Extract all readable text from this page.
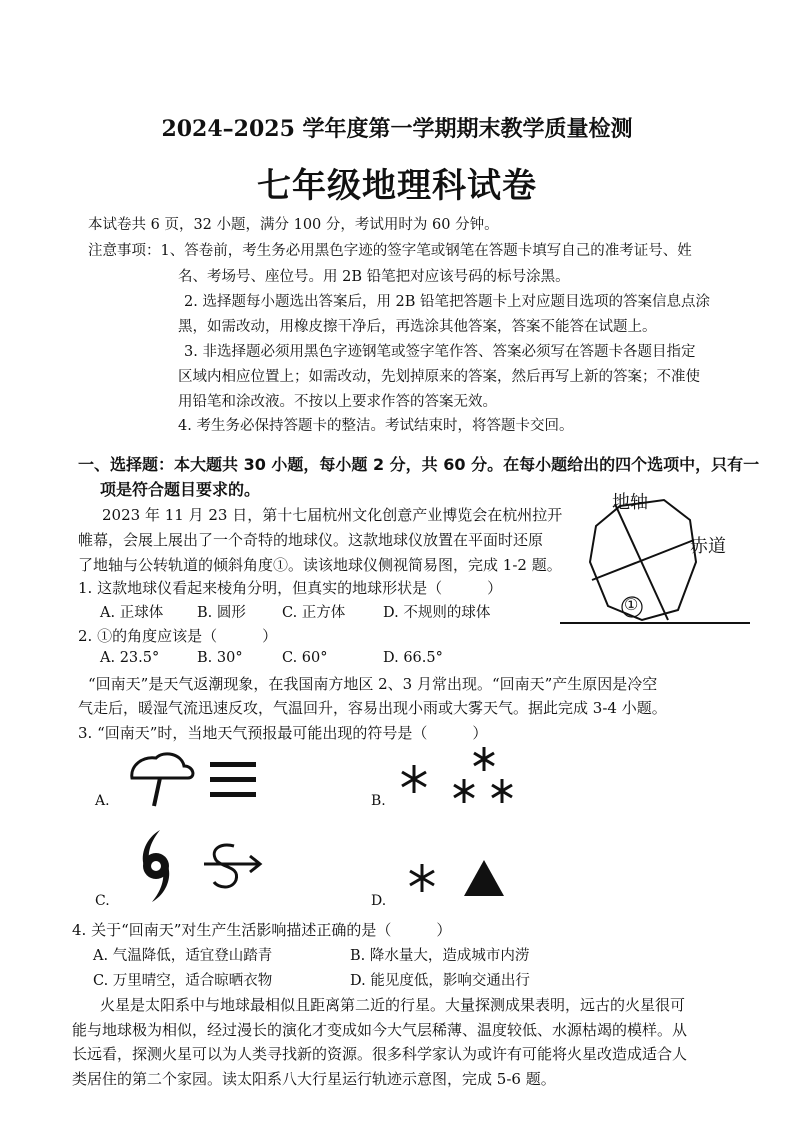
2024–2025 学年度第一学期期末教学质量检测
七年级地理科试卷
本试卷共 6 页，32 小题，满分 100 分，考试用时为 60 分钟。
注意事项：1、答卷前，考生务必用黑色字迹的签字笔或钢笔在答题卡填写自己的准考证号、姓
名、考场号、座位号。用 2B 铅笔把对应该号码的标号涂黑。
2. 选择题每小题选出答案后，用 2B 铅笔把答题卡上对应题目选项的答案信息点涂
黑，如需改动，用橡皮擦干净后，再选涂其他答案，答案不能答在试题上。
3. 非选择题必须用黑色字迹钢笔或签字笔作答、答案必须写在答题卡各题目指定
区域内相应位置上；如需改动，先划掉原来的答案，然后再写上新的答案；不准使
用铅笔和涂改液。不按以上要求作答的答案无效。
4. 考生务必保持答题卡的整洁。考试结束时，将答题卡交回。
一、选择题：本大题共 30 小题，每小题 2 分，共 60 分。在每小题给出的四个选项中，只有一
项是符合题目要求的。
2023 年 11 月 23 日，第十七届杭州文化创意产业博览会在杭州拉开
帷幕，会展上展出了一个奇特的地球仪。这款地球仪放置在平面时还原
了地轴与公转轨道的倾斜角度①。读该地球仪侧视简易图，完成 1-2 题。
地轴
赤道
①
1. 这款地球仪看起来棱角分明，但真实的地球形状是（　　　）
A. 正球体 B. 圆形 C. 正方体	D. 不规则的球体
2. ①的角度应该是（　　　）
A. 23.5°	B. 30°	C. 60°	D. 66.5°
“回南天”是天气返潮现象，在我国南方地区 2、3 月常出现。“回南天”产生原因是冷空
气走后，暖湿气流迅速反攻，气温回升，容易出现小雨或大雾天气。据此完成 3-4 小题。
3. “回南天”时，当地天气预报最可能出现的符号是（　　　）
A.	B.
C.	D.
4. 关于“回南天”对生产生活影响描述正确的是（　　　）
A. 气温降低，适宜登山踏青	B. 降水量大，造成城市内涝
C. 万里晴空，适合晾晒衣物	D. 能见度低，影响交通出行
火星是太阳系中与地球最相似且距离第二近的行星。大量探测成果表明，远古的火星很可
能与地球极为相似，经过漫长的演化才变成如今大气层稀薄、温度较低、水源枯竭的模样。从
长远看，探测火星可以为人类寻找新的资源。很多科学家认为或许有可能将火星改造成适合人
类居住的第二个家园。读太阳系八大行星运行轨迹示意图，完成 5-6 题。
